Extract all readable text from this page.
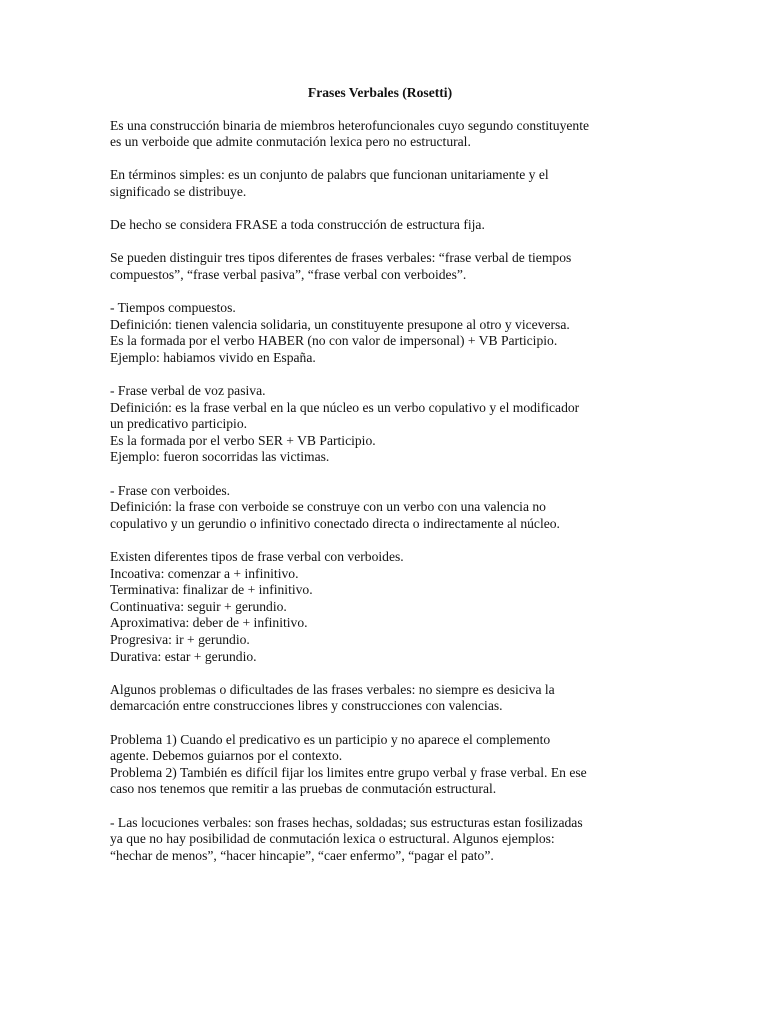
Frases Verbales (Rosetti)
Es una construcción binaria de miembros heterofuncionales cuyo segundo constituyente
es un verboide que admite conmutación lexica pero no estructural.
En términos simples: es un conjunto de palabrs que funcionan unitariamente y el
significado se distribuye.
De hecho se considera FRASE a toda construcción de estructura fija.
Se pueden distinguir tres tipos diferentes de frases verbales: “frase verbal de tiempos
compuestos”, “frase verbal pasiva”, “frase verbal con verboides”.
- Tiempos compuestos.
Definición: tienen valencia solidaria, un constituyente presupone al otro y viceversa.
Es la formada por el verbo HABER (no con valor de impersonal) + VB Participio.
Ejemplo: habiamos vivido en España.
- Frase verbal de voz pasiva.
Definición: es la frase verbal en la que núcleo es un verbo copulativo y el modificador
un predicativo participio.
Es la formada por el verbo SER + VB Participio.
Ejemplo: fueron socorridas las victimas.
- Frase con verboides.
Definición: la frase con verboide se construye con un verbo con una valencia no
copulativo y un gerundio o infinitivo conectado directa o indirectamente al núcleo.
Existen diferentes tipos de frase verbal con verboides.
Incoativa: comenzar a + infinitivo.
Terminativa: finalizar de + infinitivo.
Continuativa: seguir + gerundio.
Aproximativa: deber de + infinitivo.
Progresiva: ir + gerundio.
Durativa: estar + gerundio.
Algunos problemas o dificultades de las frases verbales: no siempre es desiciva la
demarcación entre construcciones libres y construcciones con valencias.
Problema 1) Cuando el predicativo es un participio y no aparece el complemento
agente. Debemos guiarnos por el contexto.
Problema 2) También es difícil fijar los limites entre grupo verbal y frase verbal. En ese
caso nos tenemos que remitir a las pruebas de conmutación estructural.
- Las locuciones verbales: son frases hechas, soldadas; sus estructuras estan fosilizadas
ya que no hay posibilidad de conmutación lexica o estructural. Algunos ejemplos:
“hechar de menos”, “hacer hincapie”, “caer enfermo”, “pagar el pato”.
